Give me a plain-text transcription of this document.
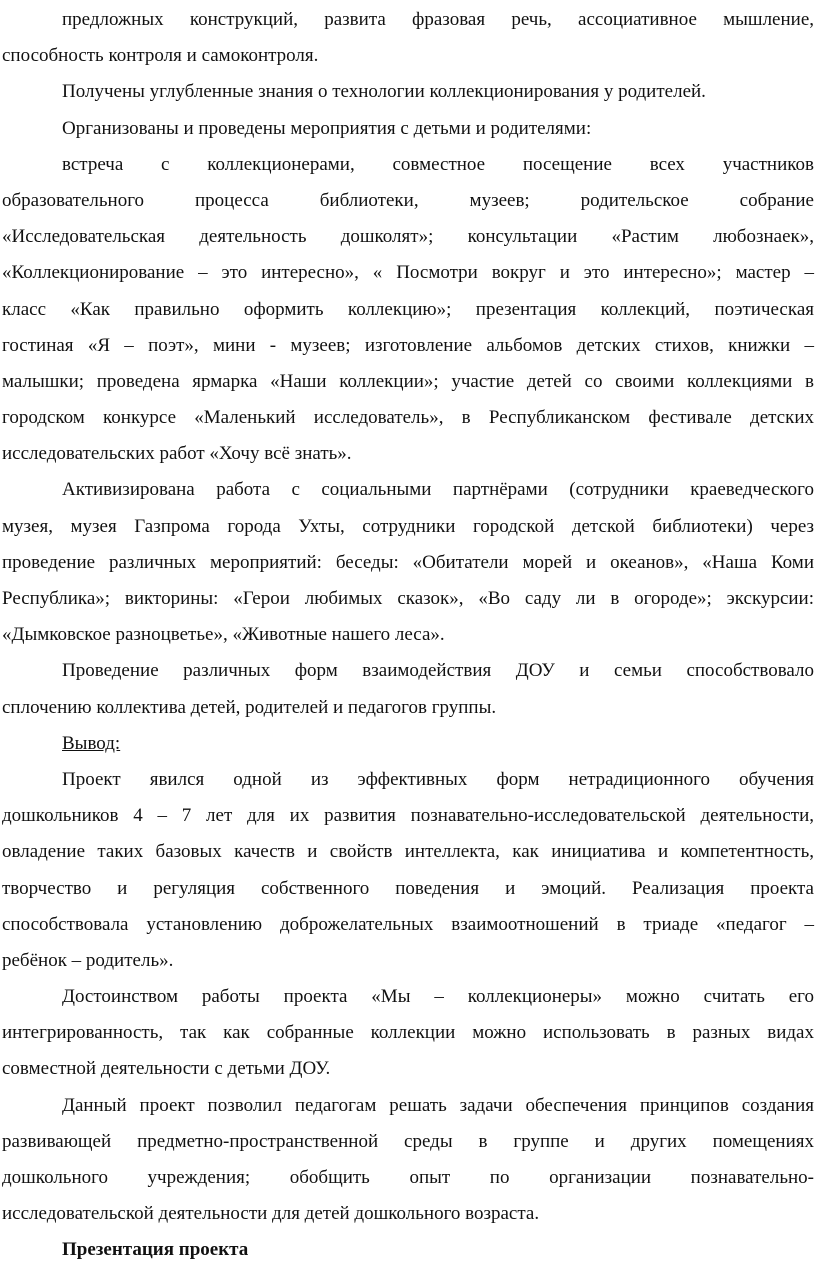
предложных конструкций, развита фразовая речь, ассоциативное мышление,
способность контроля и самоконтроля.
Получены углубленные знания о технологии коллекционирования у родителей.
Организованы и проведены мероприятия с детьми и родителями:
встреча с коллекционерами, совместное посещение всех участников
образовательного процесса библиотеки, музеев; родительское собрание
«Исследовательская деятельность дошколят»; консультации «Растим любознаек»,
«Коллекционирование – это интересно», « Посмотри вокруг и это интересно»; мастер –
класс «Как правильно оформить коллекцию»; презентация коллекций, поэтическая
гостиная «Я – поэт», мини - музеев; изготовление альбомов детских стихов, книжки –
малышки; проведена ярмарка «Наши коллекции»; участие детей со своими коллекциями в
городском конкурсе «Маленький исследователь», в Республиканском фестивале детских
исследовательских работ «Хочу всё знать».
Активизирована работа с социальными партнёрами (сотрудники краеведческого
музея, музея Газпрома города Ухты, сотрудники городской детской библиотеки) через
проведение различных мероприятий: беседы: «Обитатели морей и океанов», «Наша Коми
Республика»; викторины: «Герои любимых сказок», «Во саду ли в огороде»; экскурсии:
«Дымковское разноцветье», «Животные нашего леса».
Проведение различных форм взаимодействия ДОУ и семьи способствовало
сплочению коллектива детей, родителей и педагогов группы.
Вывод:
Проект явился одной из эффективных форм нетрадиционного обучения
дошкольников 4 – 7 лет для их развития познавательно-исследовательской деятельности,
овладение таких базовых качеств и свойств интеллекта, как инициатива и компетентность,
творчество и регуляция собственного поведения и эмоций. Реализация проекта
способствовала установлению доброжелательных взаимоотношений в триаде «педагог –
ребёнок – родитель».
Достоинством работы проекта «Мы – коллекционеры» можно считать его
интегрированность, так как собранные коллекции можно использовать в разных видах
совместной деятельности с детьми ДОУ.
Данный проект позволил педагогам решать задачи обеспечения принципов создания
развивающей предметно-пространственной среды в группе и других помещениях
дошкольного учреждения; обобщить опыт по организации познавательно-
исследовательской деятельности для детей дошкольного возраста.
Презентация проекта
